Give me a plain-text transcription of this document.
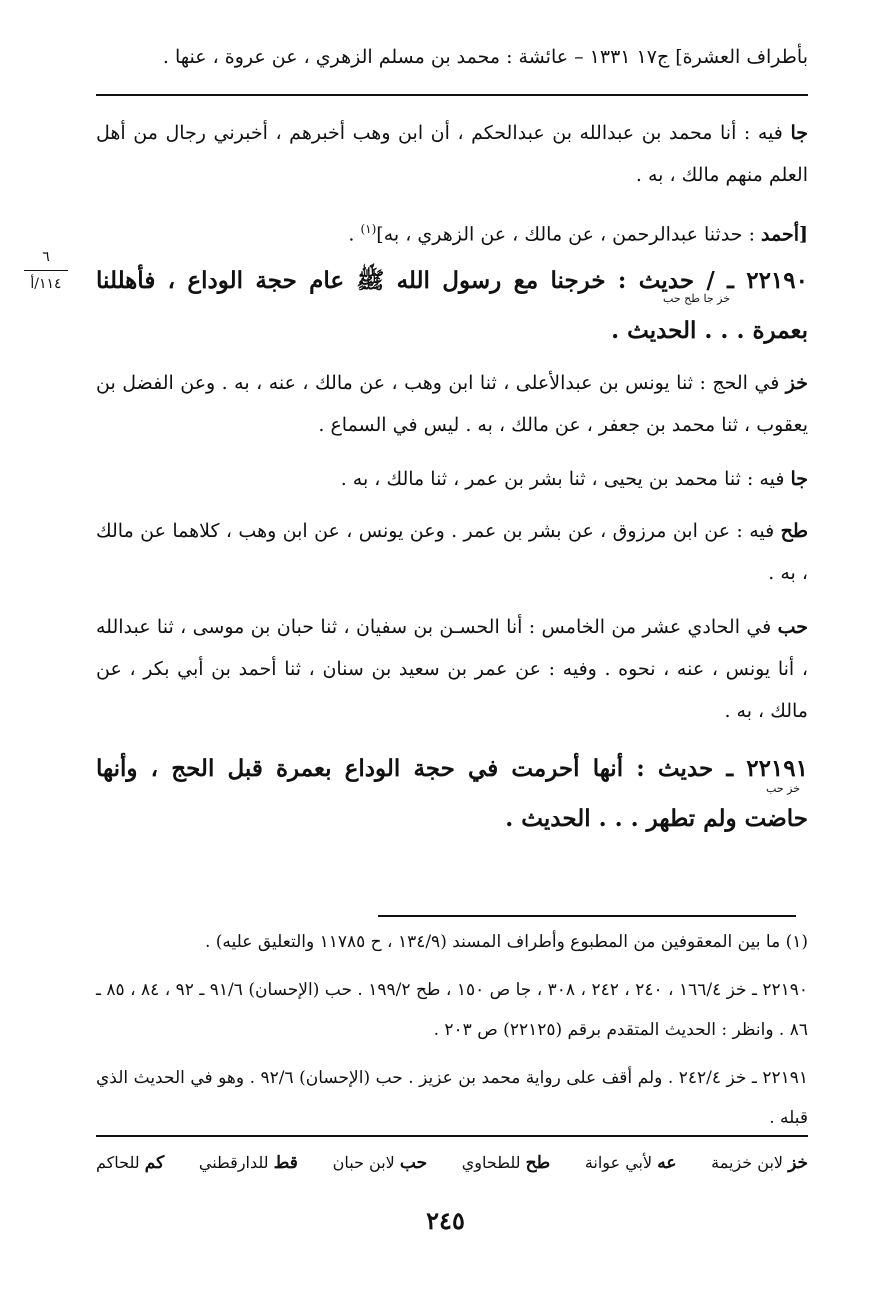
بأطراف العشرة] ج١٧ ١٣٣١ – عائشة : محمد بن مسلم الزهري ، عن عروة ، عنها .
٦
١١٤/أ
جا فيه : أنا محمد بن عبدالله بن عبدالحكم ، أن ابن وهب أخبرهم ، أخبرني رجال من أهل العلم منهم مالك ، به .
[أحمد : حدثنا عبدالرحمن ، عن مالك ، عن الزهري ، به]$^{(١)}$ .
٢٢١٩٠ ـ / حديث : خرجنا مع رسول الله ﷺ عام حجة الوداع ، فأهللنا بعمرة . . . الحديث .
خز جا طح حب
خز في الحج : ثنا يونس بن عبدالأعلى ، ثنا ابن وهب ، عن مالك ، عنه ، به . وعن الفضل بن يعقوب ، ثنا محمد بن جعفر ، عن مالك ، به . ليس في السماع .
جا فيه : ثنا محمد بن يحيى ، ثنا بشر بن عمر ، ثنا مالك ، به .
طح فيه : عن ابن مرزوق ، عن بشر بن عمر . وعن يونس ، عن ابن وهب ، كلاهما عن مالك ، به .
حب في الحادي عشر من الخامس : أنا الحسـن بن سفيان ، ثنا حبان بن موسى ، ثنا عبدالله ، أنا يونس ، عنه ، نحوه . وفيه : عن عمر بن سعيد بن سنان ، ثنا أحمد بن أبي بكر ، عن مالك ، به .
٢٢١٩١ ـ حديث : أنها أحرمت في حجة الوداع بعمرة قبل الحج ، وأنها حاضت ولم تطهر . . . الحديث .
خز حب
(١) ما بين المعقوفين من المطبوع وأطراف المسند (١٣٤/٩ ، ح ١١٧٨٥ والتعليق عليه) .
٢٢١٩٠ ـ خز ١٦٦/٤ ، ٢٤٠ ، ٢٤٢ ، ٣٠٨ ، جا ص ١٥٠ ، طح ١٩٩/٢ . حب (الإحسان) ٩١/٦ ـ ٩٢ ، ٨٤ ، ٨٥ ـ ٨٦ . وانظر : الحديث المتقدم برقم (٢٢١٢٥) ص ٢٠٣ .
٢٢١٩١ ـ خز ٢٤٢/٤ . ولم أقف على رواية محمد بن عزيز . حب (الإحسان) ٩٢/٦ . وهو في الحديث الذي قبله .
خز لابن خزيمة
عه لأبي عوانة
طح للطحاوي
حب لابن حبان
قط للدارقطني
كم للحاكم
٢٤٥
